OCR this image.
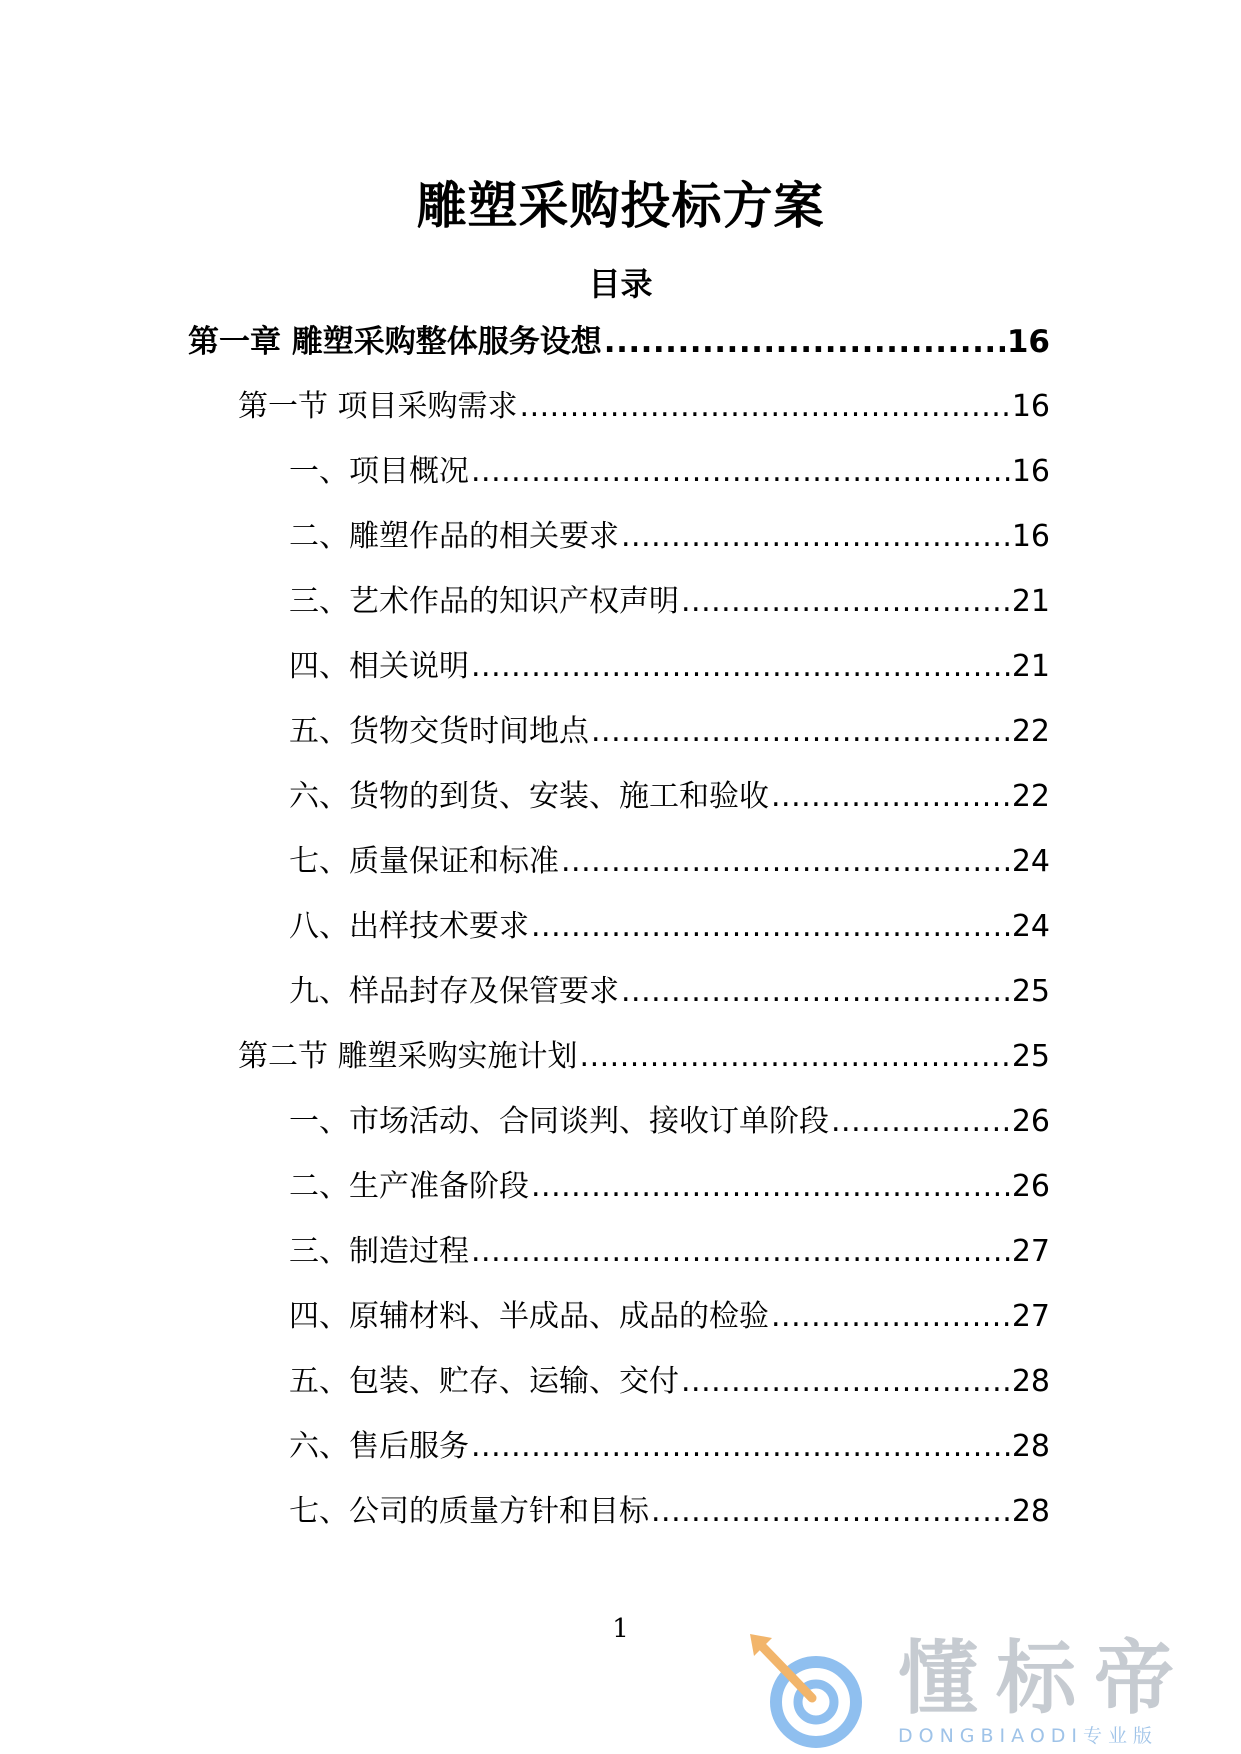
雕塑采购投标方案
目录
第一章 雕塑采购整体服务设想 .....	16
第一节 项目采购需求 .....	16
一、项目概况 .....	16
二、雕塑作品的相关要求 .....	16
三、艺术作品的知识产权声明 .....	21
四、相关说明 .....	21
五、货物交货时间地点 .....	22
六、货物的到货、安装、施工和验收 .....	22
七、质量保证和标准 .....	24
八、出样技术要求 .....	24
九、样品封存及保管要求 .....	25
第二节 雕塑采购实施计划 .....	25
一、市场活动、合同谈判、接收订单阶段 .....	26
二、生产准备阶段 .....	26
三、制造过程 .....	27
四、原辅材料、半成品、成品的检验 .....	27
五、包装、贮存、运输、交付 .....	28
六、售后服务 .....	28
七、公司的质量方针和目标 .....	28
1
懂标帝
DONGBIAODI专业版
